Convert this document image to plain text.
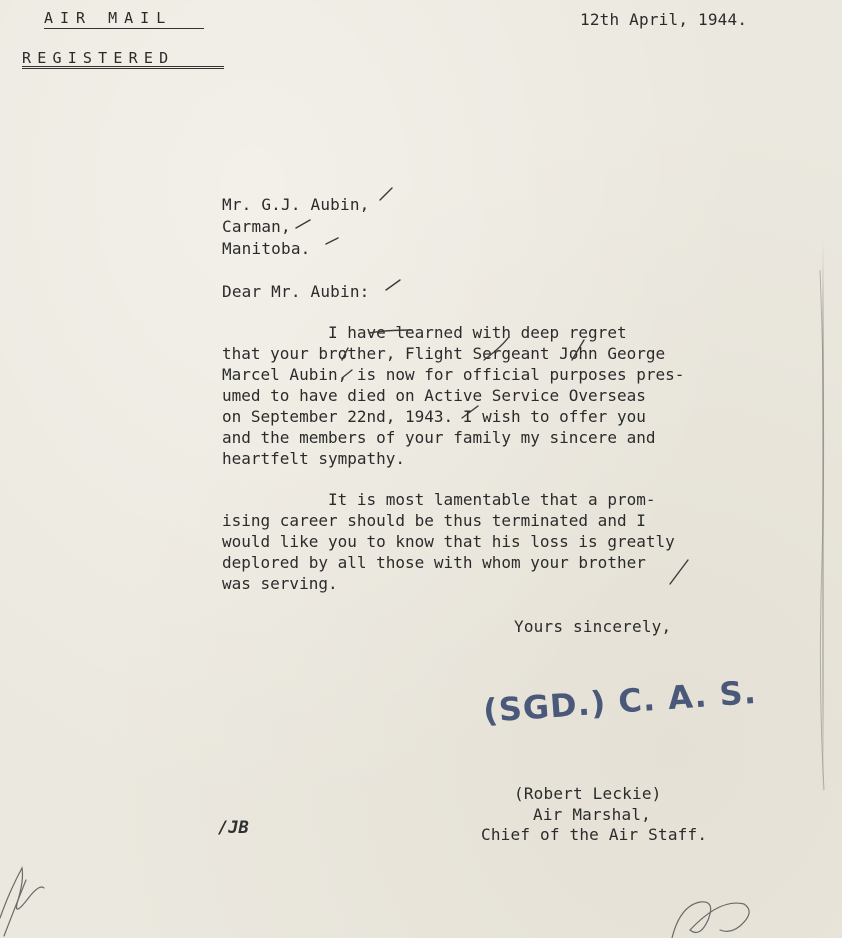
AIR MAIL
REGISTERED
12th April, 1944.
Mr. G.J. Aubin,
Carman,
Manitoba.
Dear Mr. Aubin:
I have learned with deep regret
that your brother, Flight Sergeant John George
Marcel Aubin, is now for official purposes pres-
umed to have died on Active Service Overseas
on September 22nd, 1943. I wish to offer you
and the members of your family my sincere and
heartfelt sympathy.
It is most lamentable that a prom-
ising career should be thus terminated and I
would like you to know that his loss is greatly
deplored by all those with whom your brother
was serving.
Yours sincerely,
(SGD.) C. A. S.
(Robert Leckie)
Air Marshal,
Chief of the Air Staff.
/JB
